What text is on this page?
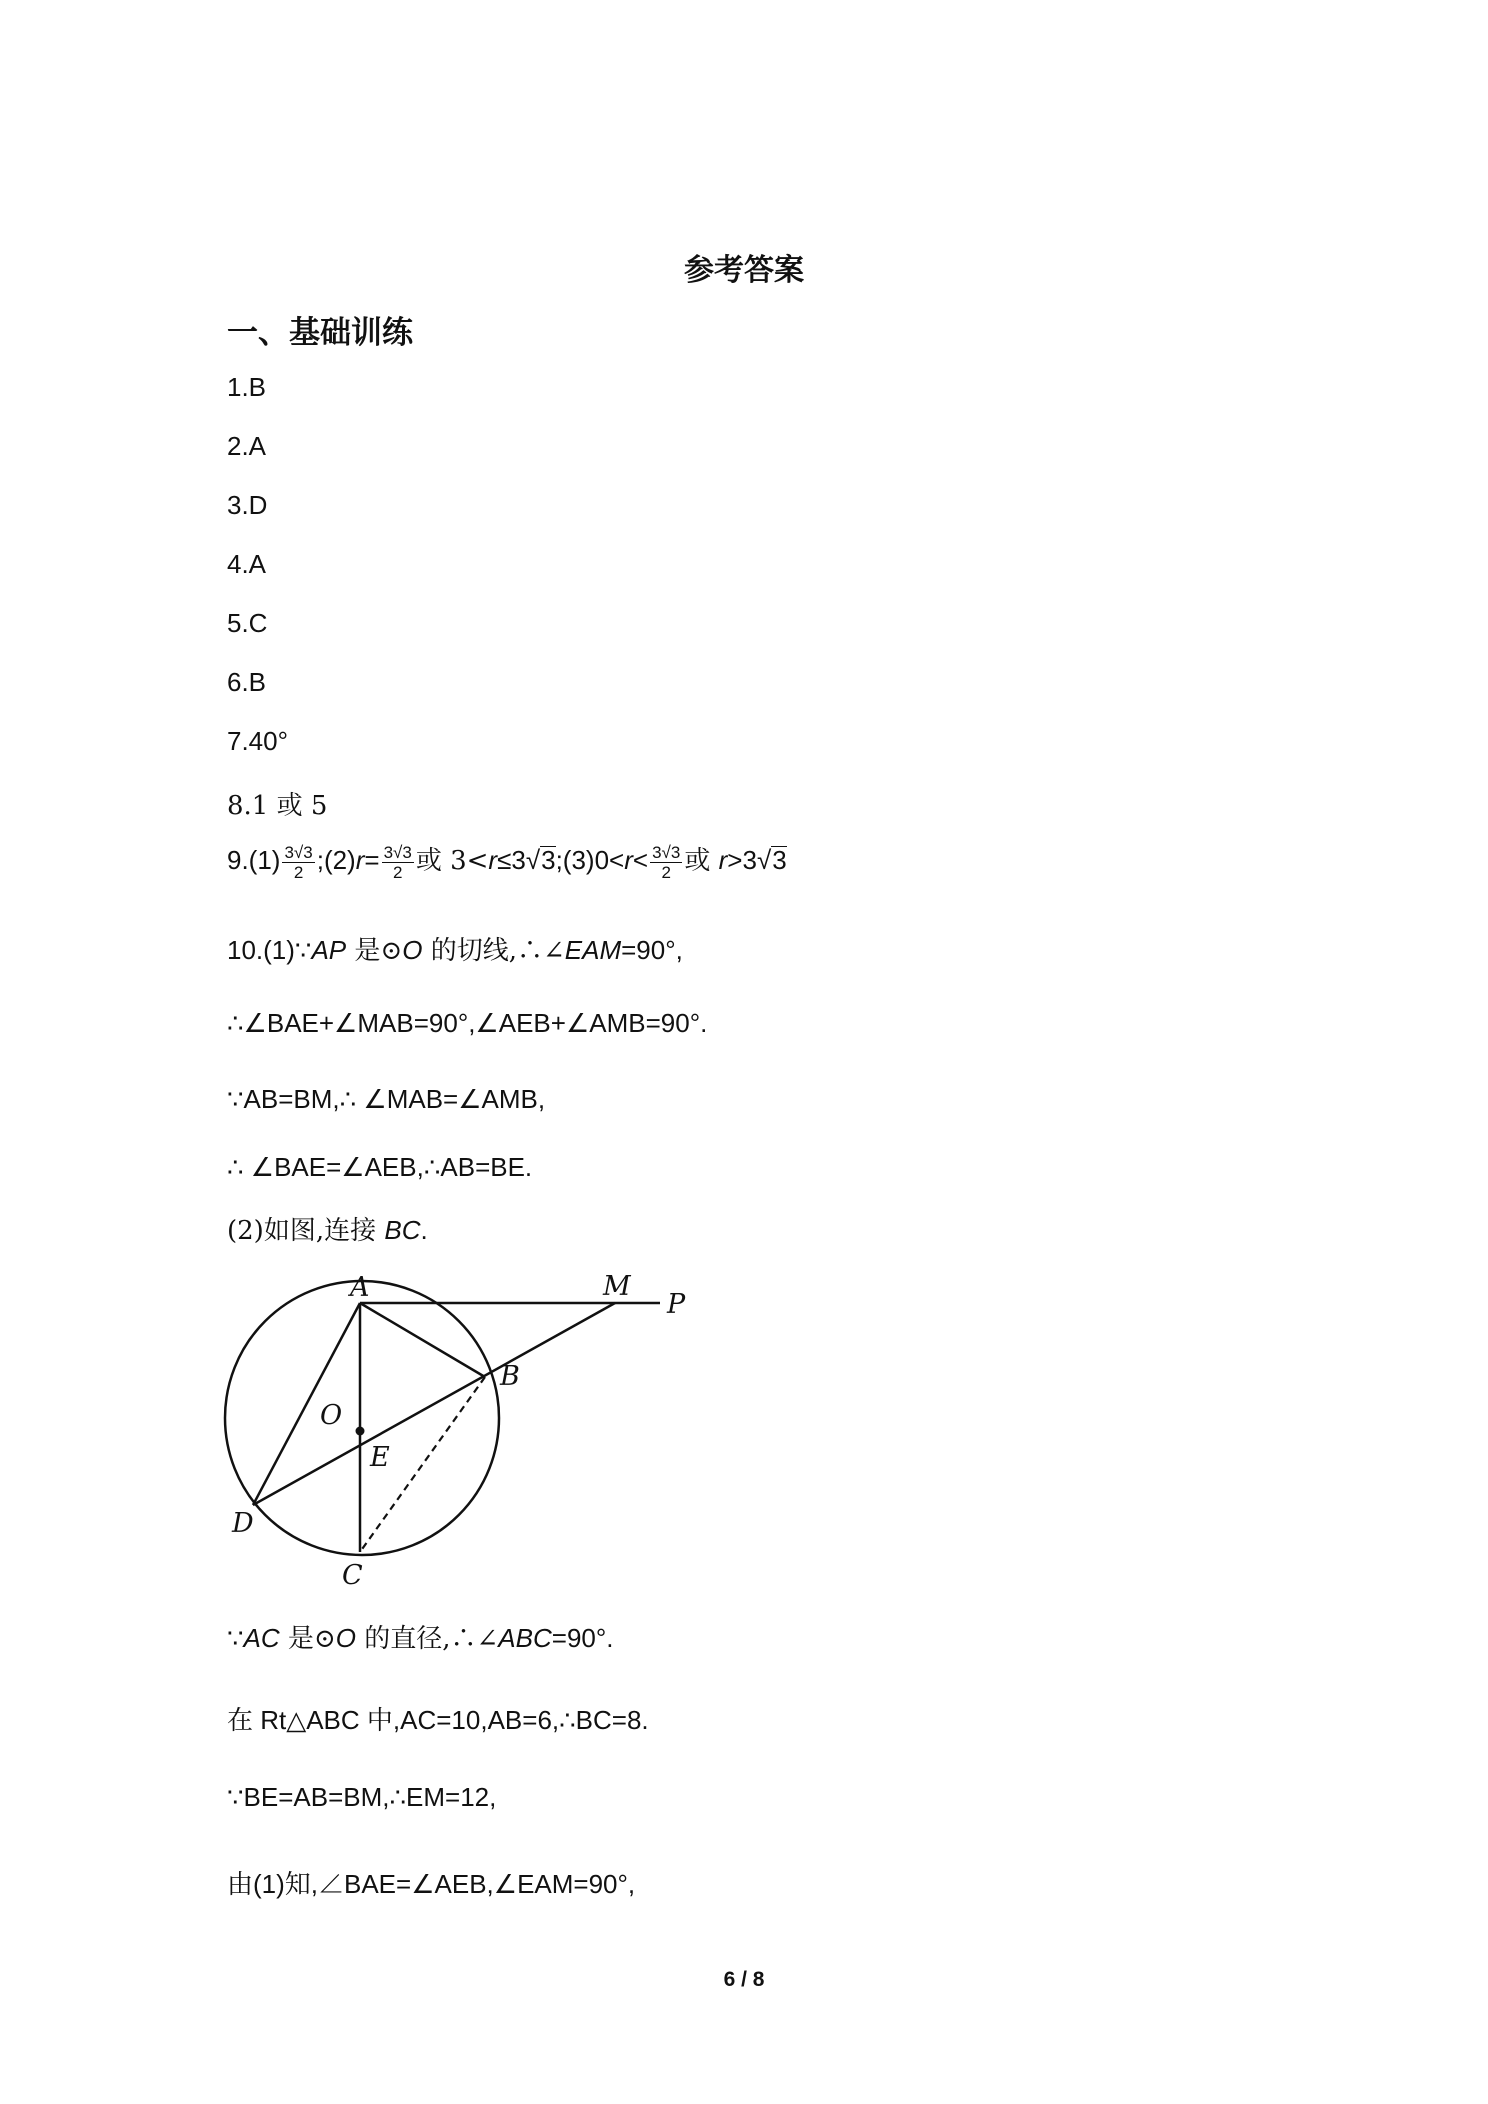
参考答案
一、基础训练
1.B
2.A
3.D
4.A
5.C
6.B
7.40°
8.1 或 5
$9.(1) \frac{3√3}{2}$ ;(2)r= $\frac{3√3}{2}$ 或 3<r≤3√3;(3)0<r< $\frac{3√3}{2}$ 或 r>3√3
10.(1)∵AP 是⊙O 的切线,∴∠EAM=90°,
∴∠BAE+∠MAB=90°,∠AEB+∠AMB=90°.
∵AB=BM,∴ ∠MAB=∠AMB,
∴ ∠BAE=∠AEB,∴AB=BE.
(2)如图,连接 BC.
A	M
P
B
O
E
D
C
∵AC 是⊙O 的直径,∴∠ABC=90°.
在 Rt△ABC 中,AC=10,AB=6,∴BC=8.
∵BE=AB=BM,∴EM=12,
由(1)知,∠BAE=∠AEB,∠EAM=90°,
6 / 8
